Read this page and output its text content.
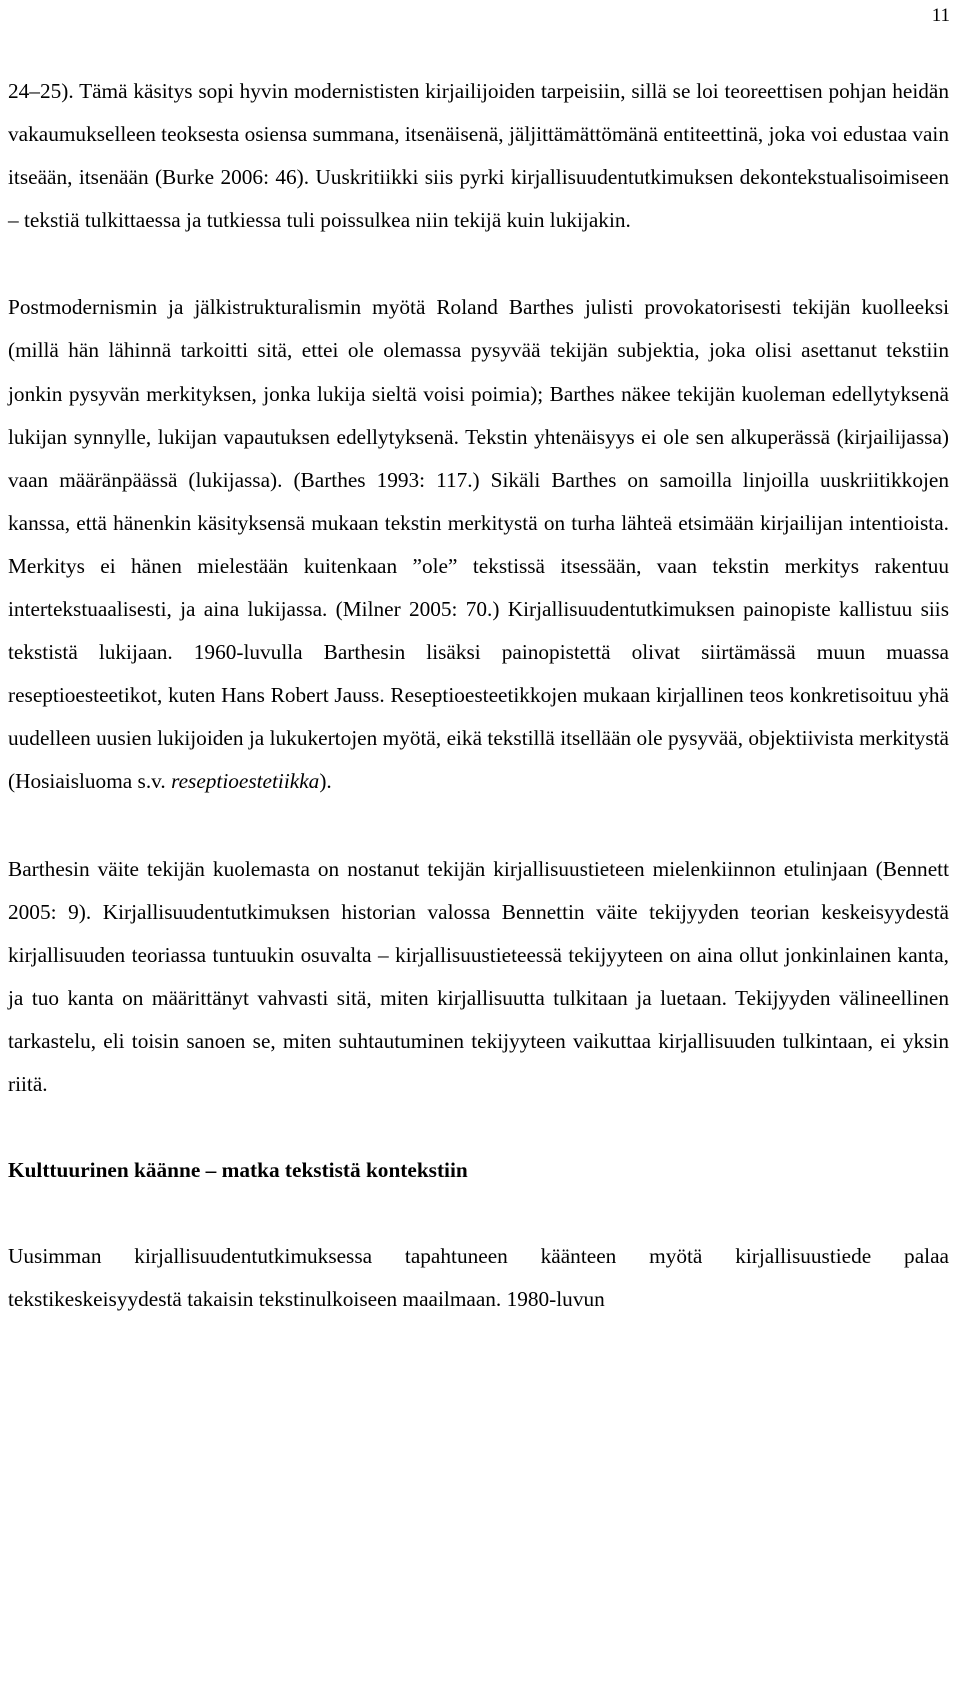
11

24–25). Tämä käsitys sopi hyvin modernististen kirjailijoiden tarpeisiin, sillä se loi teoreettisen pohjan heidän vakaumukselleen teoksesta osiensa summana, itsenäisenä, jäljittämättömänä entiteettinä, joka voi edustaa vain itseään, itsenään (Burke 2006: 46). Uuskritiikki siis pyrki kirjallisuudentutkimuksen dekontekstualisoimiseen – tekstiä tulkittaessa ja tutkiessa tuli poissulkea niin tekijä kuin lukijakin.

Postmodernismin ja jälkistrukturalismin myötä Roland Barthes julisti provokatorisesti tekijän kuolleeksi (millä hän lähinnä tarkoitti sitä, ettei ole olemassa pysyvää tekijän subjektia, joka olisi asettanut tekstiin jonkin pysyvän merkityksen, jonka lukija sieltä voisi poimia); Barthes näkee tekijän kuoleman edellytyksenä lukijan synnylle, lukijan vapautuksen edellytyksenä. Tekstin yhtenäisyys ei ole sen alkuperässä (kirjailijassa) vaan määränpäässä (lukijassa). (Barthes 1993: 117.) Sikäli Barthes on samoilla linjoilla uuskriitikkojen kanssa, että hänenkin käsityksensä mukaan tekstin merkitystä on turha lähteä etsimään kirjailijan intentioista. Merkitys ei hänen mielestään kuitenkaan ”ole” tekstissä itsessään, vaan tekstin merkitys rakentuu intertekstuaalisesti, ja aina lukijassa. (Milner 2005: 70.) Kirjallisuudentutkimuksen painopiste kallistuu siis tekstistä lukijaan. 1960-luvulla Barthesin lisäksi painopistettä olivat siirtämässä muun muassa reseptioesteetikot, kuten Hans Robert Jauss. Reseptioesteetikkojen mukaan kirjallinen teos konkretisoituu yhä uudelleen uusien lukijoiden ja lukukertojen myötä, eikä tekstillä itsellään ole pysyvää, objektiivista merkitystä (Hosiaisluoma s.v. reseptioestetiikka).

Barthesin väite tekijän kuolemasta on nostanut tekijän kirjallisuustieteen mielenkiinnon etulinjaan (Bennett 2005: 9). Kirjallisuudentutkimuksen historian valossa Bennettin väite tekijyyden teorian keskeisyydestä kirjallisuuden teoriassa tuntuukin osuvalta – kirjallisuustieteessä tekijyyteen on aina ollut jonkinlainen kanta, ja tuo kanta on määrittänyt vahvasti sitä, miten kirjallisuutta tulkitaan ja luetaan. Tekijyyden välineellinen tarkastelu, eli toisin sanoen se, miten suhtautuminen tekijyyteen vaikuttaa kirjallisuuden tulkintaan, ei yksin riitä.

Kulttuurinen käänne – matka tekstistä kontekstiin

Uusimman kirjallisuudentutkimuksessa tapahtuneen käänteen myötä kirjallisuustiede palaa tekstikeskeisyydestä takaisin tekstinulkoiseen maailmaan. 1980-luvun
